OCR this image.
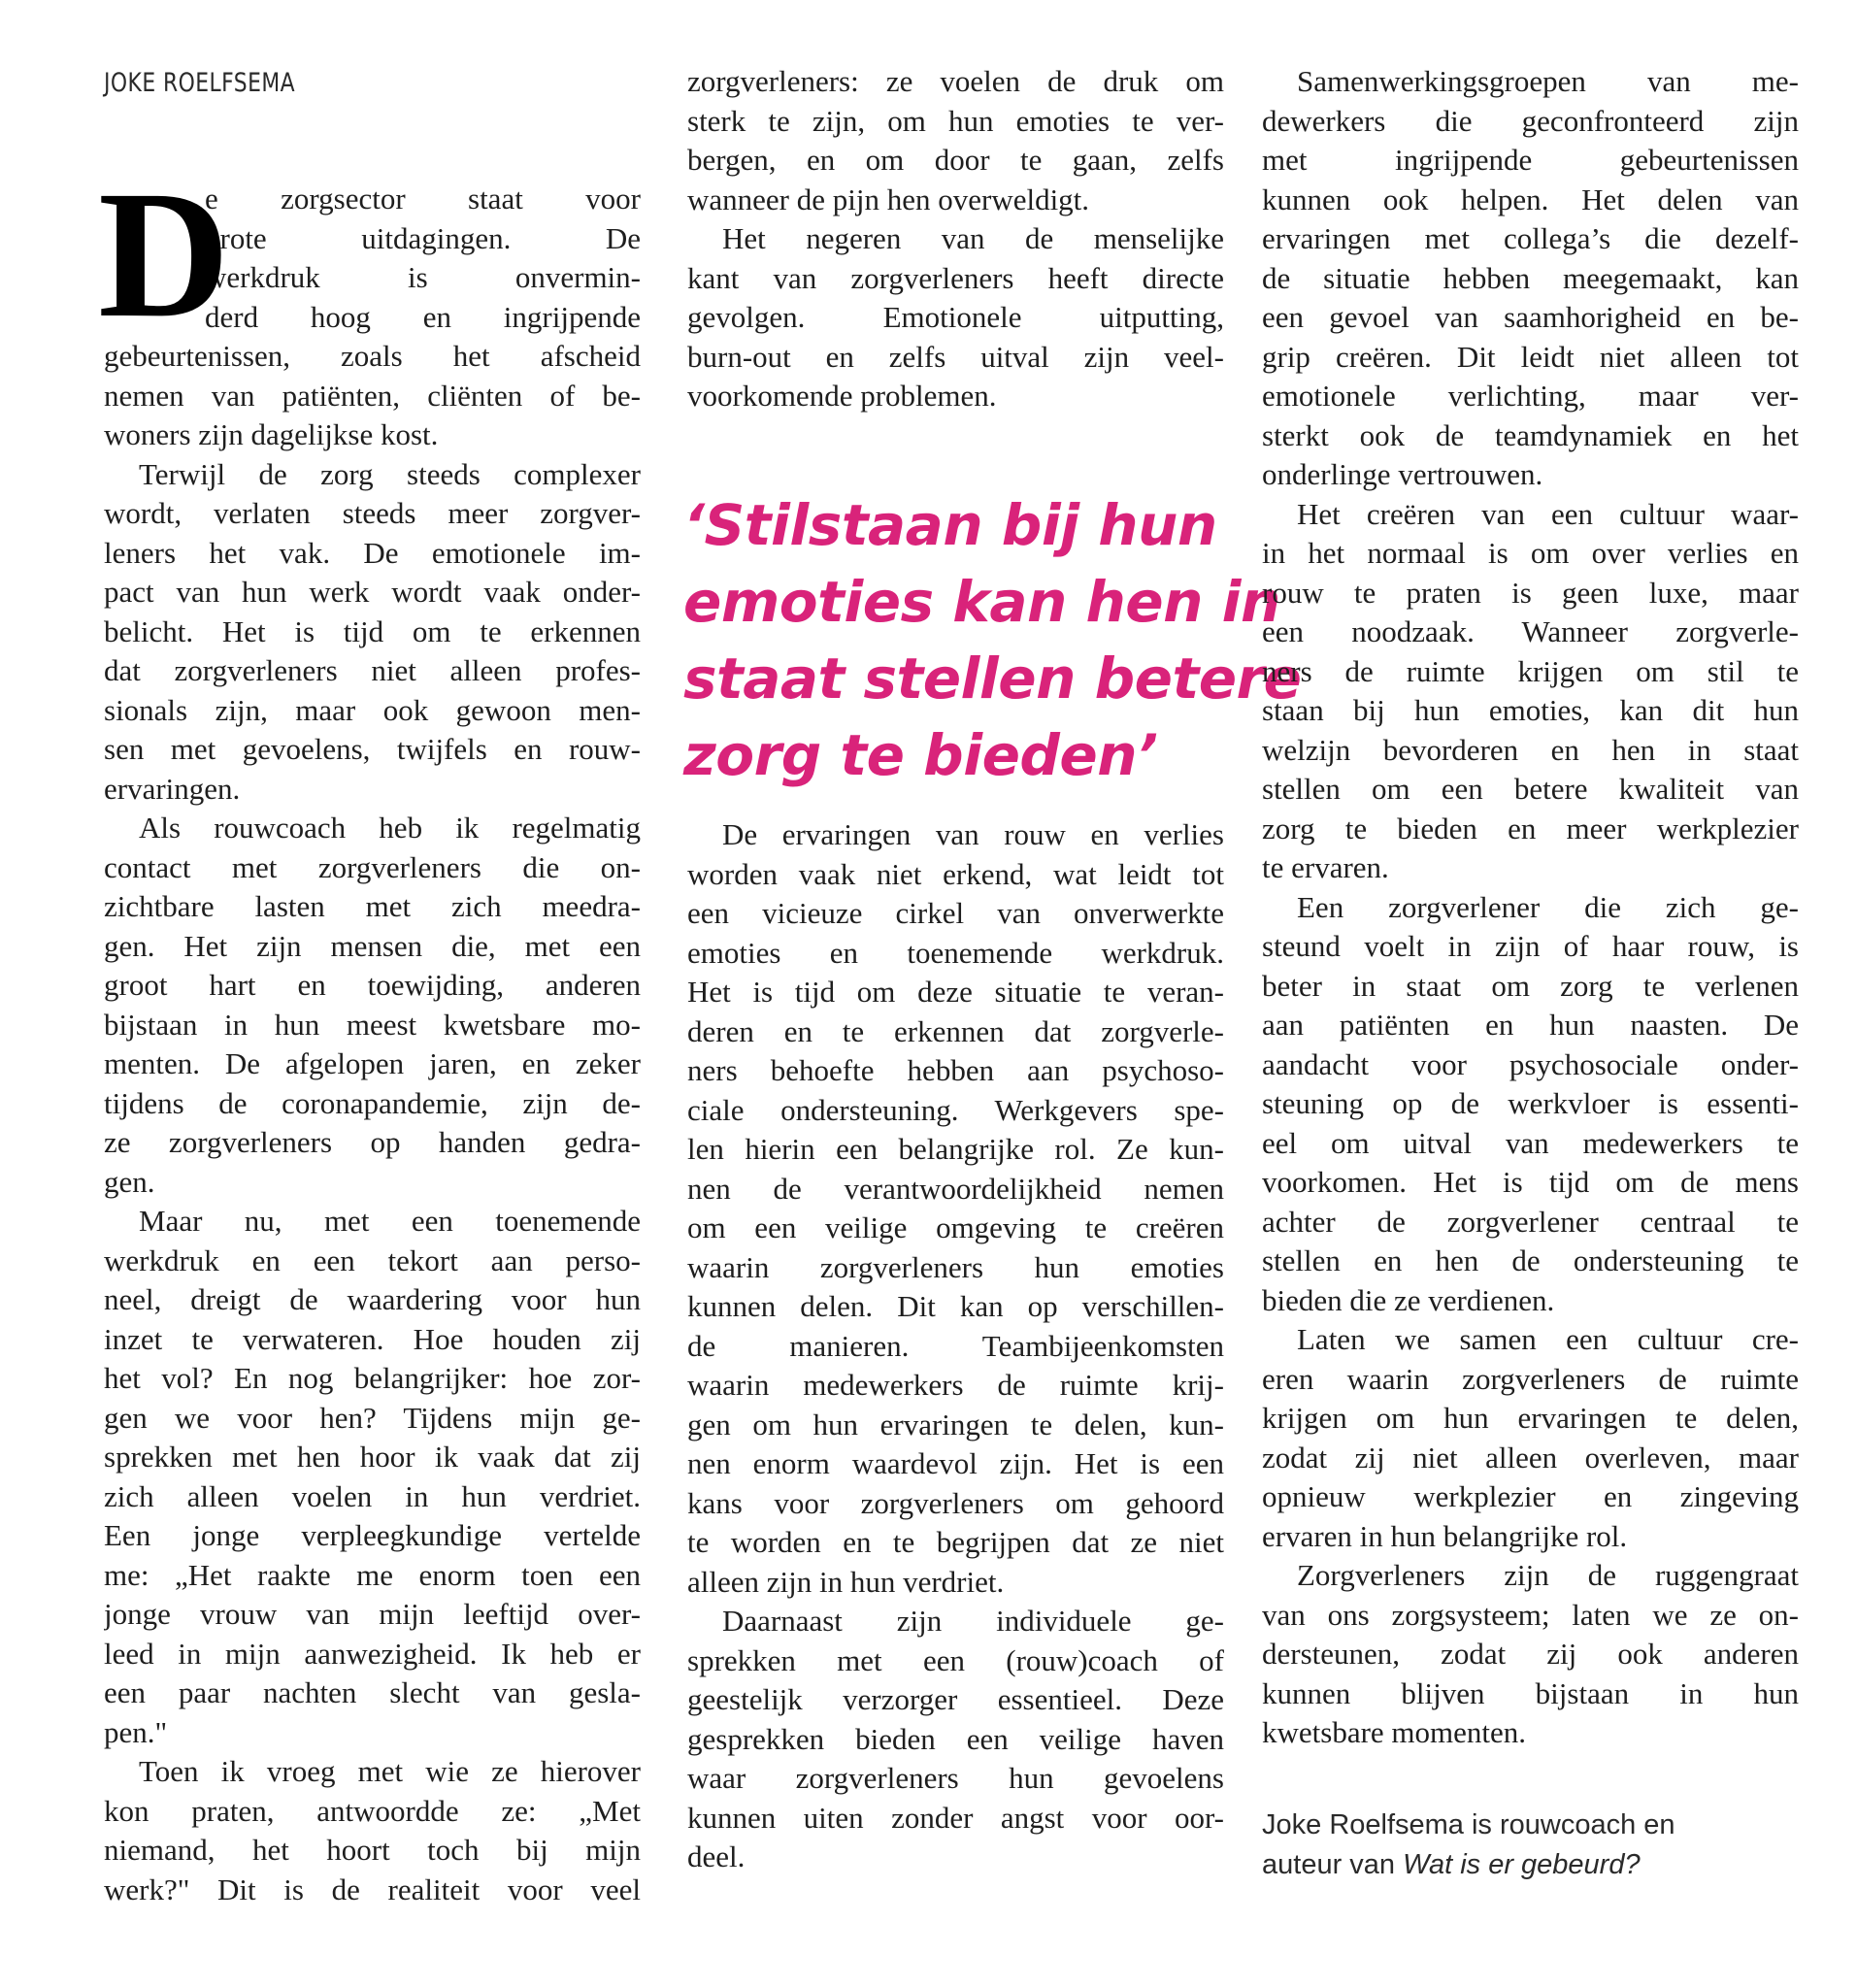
JOKE ROELFSEMA
D
e zorgsector staat voor
grote uitdagingen. De
werkdruk is onvermin-
derd hoog en ingrijpende
gebeurtenissen, zoals het afscheid
nemen van patiënten, cliënten of be-
woners zijn dagelijkse kost.
Terwijl de zorg steeds complexer
wordt, verlaten steeds meer zorgver-
leners het vak. De emotionele im-
pact van hun werk wordt vaak onder-
belicht. Het is tijd om te erkennen
dat zorgverleners niet alleen profes-
sionals zijn, maar ook gewoon men-
sen met gevoelens, twijfels en rouw-
ervaringen.
Als rouwcoach heb ik regelmatig
contact met zorgverleners die on-
zichtbare lasten met zich meedra-
gen. Het zijn mensen die, met een
groot hart en toewijding, anderen
bijstaan in hun meest kwetsbare mo-
menten. De afgelopen jaren, en zeker
tijdens de coronapandemie, zijn de-
ze zorgverleners op handen gedra-
gen.
Maar nu, met een toenemende
werkdruk en een tekort aan perso-
neel, dreigt de waardering voor hun
inzet te verwateren. Hoe houden zij
het vol? En nog belangrijker: hoe zor-
gen we voor hen? Tijdens mijn ge-
sprekken met hen hoor ik vaak dat zij
zich alleen voelen in hun verdriet.
Een jonge verpleegkundige vertelde
me: „Het raakte me enorm toen een
jonge vrouw van mijn leeftijd over-
leed in mijn aanwezigheid. Ik heb er
een paar nachten slecht van gesla-
pen."
Toen ik vroeg met wie ze hierover
kon praten, antwoordde ze: „Met
niemand, het hoort toch bij mijn
werk?" Dit is de realiteit voor veel
zorgverleners: ze voelen de druk om
sterk te zijn, om hun emoties te ver-
bergen, en om door te gaan, zelfs
wanneer de pijn hen overweldigt.
Het negeren van de menselijke
kant van zorgverleners heeft directe
gevolgen. Emotionele uitputting,
burn-out en zelfs uitval zijn veel-
voorkomende problemen.
‘Stilstaan bij hun
emoties kan hen in
staat stellen betere
zorg te bieden’
De ervaringen van rouw en verlies
worden vaak niet erkend, wat leidt tot
een vicieuze cirkel van onverwerkte
emoties en toenemende werkdruk.
Het is tijd om deze situatie te veran-
deren en te erkennen dat zorgverle-
ners behoefte hebben aan psychoso-
ciale ondersteuning. Werkgevers spe-
len hierin een belangrijke rol. Ze kun-
nen de verantwoordelijkheid nemen
om een veilige omgeving te creëren
waarin zorgverleners hun emoties
kunnen delen. Dit kan op verschillen-
de manieren. Teambijeenkomsten
waarin medewerkers de ruimte krij-
gen om hun ervaringen te delen, kun-
nen enorm waardevol zijn. Het is een
kans voor zorgverleners om gehoord
te worden en te begrijpen dat ze niet
alleen zijn in hun verdriet.
Daarnaast zijn individuele ge-
sprekken met een (rouw)coach of
geestelijk verzorger essentieel. Deze
gesprekken bieden een veilige haven
waar zorgverleners hun gevoelens
kunnen uiten zonder angst voor oor-
deel.
Samenwerkingsgroepen van me-
dewerkers die geconfronteerd zijn
met ingrijpende gebeurtenissen
kunnen ook helpen. Het delen van
ervaringen met collega’s die dezelf-
de situatie hebben meegemaakt, kan
een gevoel van saamhorigheid en be-
grip creëren. Dit leidt niet alleen tot
emotionele verlichting, maar ver-
sterkt ook de teamdynamiek en het
onderlinge vertrouwen.
Het creëren van een cultuur waar-
in het normaal is om over verlies en
rouw te praten is geen luxe, maar
een noodzaak. Wanneer zorgverle-
ners de ruimte krijgen om stil te
staan bij hun emoties, kan dit hun
welzijn bevorderen en hen in staat
stellen om een betere kwaliteit van
zorg te bieden en meer werkplezier
te ervaren.
Een zorgverlener die zich ge-
steund voelt in zijn of haar rouw, is
beter in staat om zorg te verlenen
aan patiënten en hun naasten. De
aandacht voor psychosociale onder-
steuning op de werkvloer is essenti-
eel om uitval van medewerkers te
voorkomen. Het is tijd om de mens
achter de zorgverlener centraal te
stellen en hen de ondersteuning te
bieden die ze verdienen.
Laten we samen een cultuur cre-
eren waarin zorgverleners de ruimte
krijgen om hun ervaringen te delen,
zodat zij niet alleen overleven, maar
opnieuw werkplezier en zingeving
ervaren in hun belangrijke rol.
Zorgverleners zijn de ruggengraat
van ons zorgsysteem; laten we ze on-
dersteunen, zodat zij ook anderen
kunnen blijven bijstaan in hun
kwetsbare momenten.
Joke Roelfsema is rouwcoach en
auteur van Wat is er gebeurd?
